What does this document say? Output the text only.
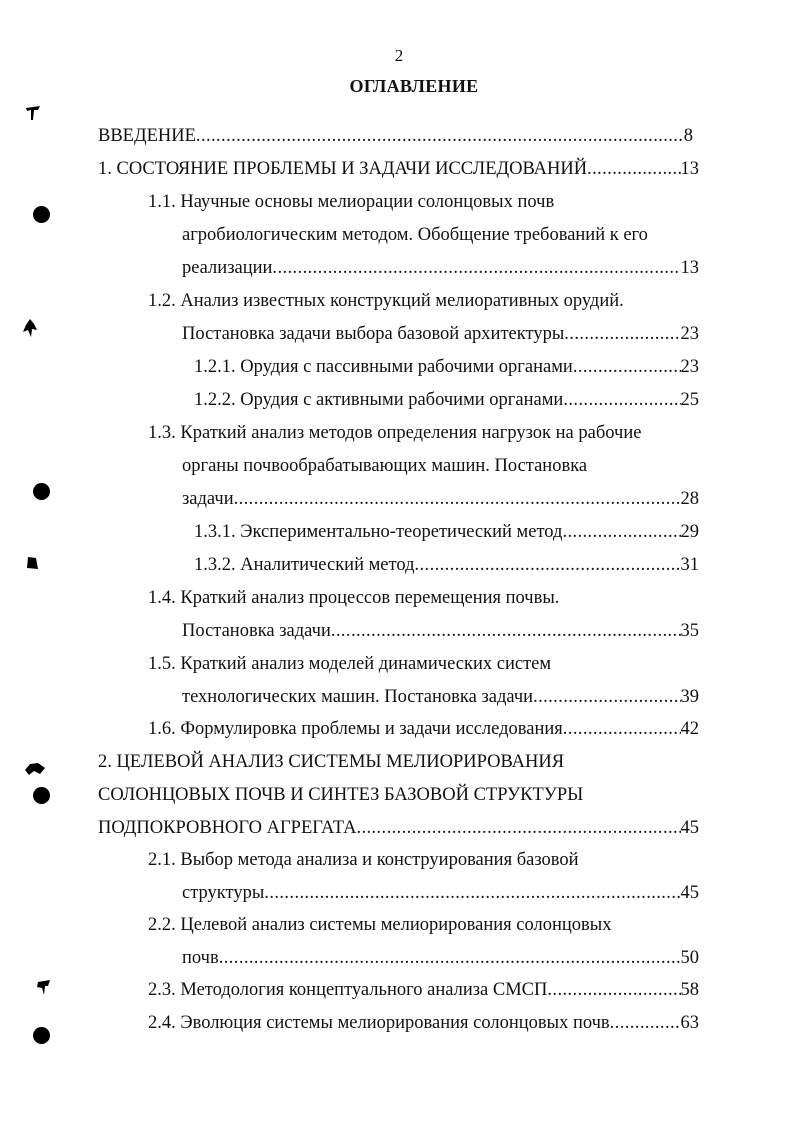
2
ОГЛАВЛЕНИЕ
ВВЕДЕНИЕ .....	8
1. СОСТОЯНИЕ ПРОБЛЕМЫ И ЗАДАЧИ ИССЛЕДОВАНИЙ .....	13
1.1. Научные основы мелиорации солонцовых почв
агробиологическим методом. Обобщение требований к его
реализации .....	13
1.2. Анализ известных конструкций мелиоративных орудий.
Постановка задачи выбора базовой архитектуры .....	23
1.2.1. Орудия с пассивными рабочими органами .....	23
1.2.2. Орудия с активными рабочими органами .....	25
1.3. Краткий анализ методов определения нагрузок на рабочие
органы почвообрабатывающих машин. Постановка
задачи .....	28
1.3.1. Экспериментально-теоретический метод .....	29
1.3.2. Аналитический метод .....	31
1.4. Краткий анализ процессов перемещения почвы.
Постановка задачи .....	35
1.5. Краткий анализ моделей динамических систем
технологических машин. Постановка задачи .....	39
1.6. Формулировка проблемы и задачи исследования .....	42
2. ЦЕЛЕВОЙ АНАЛИЗ СИСТЕМЫ МЕЛИОРИРОВАНИЯ
СОЛОНЦОВЫХ ПОЧВ И СИНТЕЗ БАЗОВОЙ СТРУКТУРЫ
ПОДПОКРОВНОГО АГРЕГАТА .....	45
2.1. Выбор метода анализа и конструирования базовой
структуры .....	45
2.2. Целевой анализ системы мелиорирования солонцовых
почв .....	50
2.3. Методология концептуального анализа СМСП .....	58
2.4. Эволюция системы мелиорирования солонцовых почв .....	63
